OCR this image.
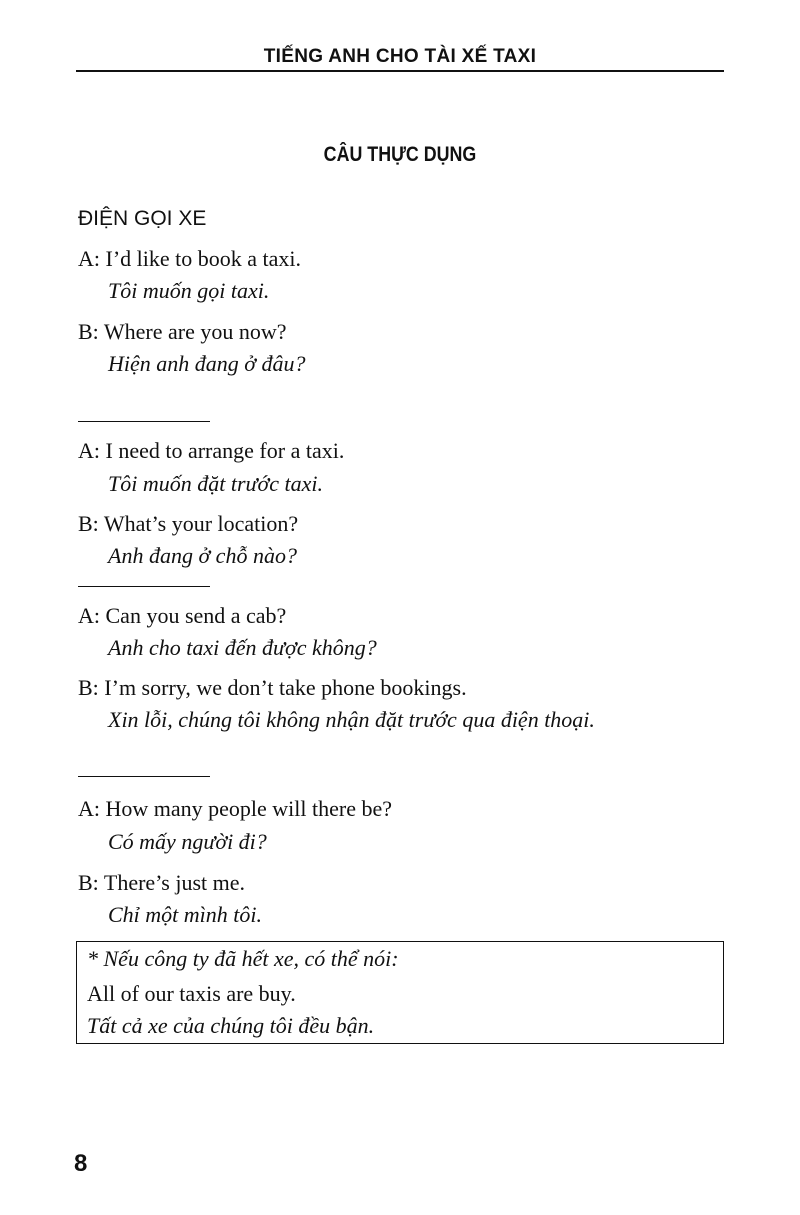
TIẾNG ANH CHO TÀI XẾ TAXI
CÂU THỰC DỤNG
ĐIỆN GỌI XE
A: I’d like to book a taxi.
Tôi muốn gọi taxi.
B: Where are you now?
Hiện anh đang ở đâu?
A: I need to arrange for a taxi.
Tôi muốn đặt trước taxi.
B: What’s your location?
Anh đang ở chỗ nào?
A: Can you send a cab?
Anh cho taxi đến được không?
B: I’m sorry, we don’t take phone bookings.
Xin lỗi, chúng tôi không nhận đặt trước qua điện thoại.
A: How many people will there be?
Có mấy người đi?
B: There’s just me.
Chỉ một mình tôi.
* Nếu công ty đã hết xe, có thể nói:
All of our taxis are buy.
Tất cả xe của chúng tôi đều bận.
8
